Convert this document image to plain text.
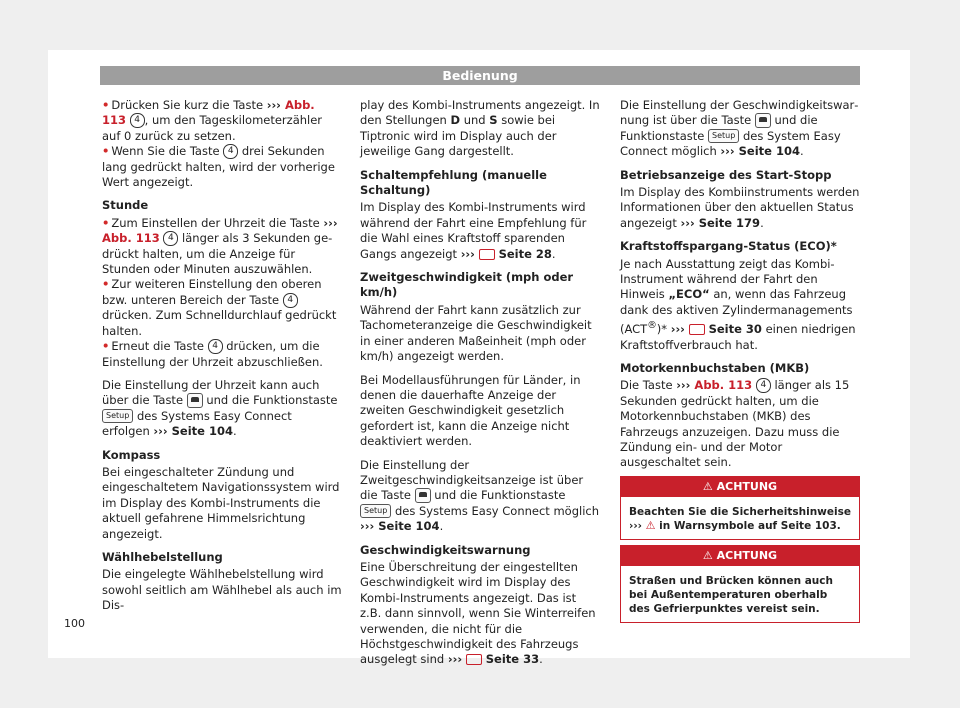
Bedienung

• Drücken Sie kurz die Taste ››› Abb. 113 4 , um den Tageskilometerzähler auf 0 zurück zu setzen.

• Wenn Sie die Taste 4 drei Sekunden lang gedrückt halten, wird der vorherige Wert angezeigt.

Stunde

• Zum Einstellen der Uhrzeit die Taste ››› Abb. 113 4 länger als 3 Sekunden gedrückt halten, um die Anzeige für Stunden oder Minuten auszuwählen.

• Zur weiteren Einstellung den oberen bzw. unteren Bereich der Taste 4 drücken. Zum Schnelldurchlauf gedrückt halten.

• Erneut die Taste 4 drücken, um die Einstellung der Uhrzeit abzuschließen.

Die Einstellung der Uhrzeit kann auch über die Taste  und die Funktionstaste Setup des Systems Easy Connect erfolgen ››› Seite 104.

Kompass

Bei eingeschalteter Zündung und eingeschaltetem Navigationssystem wird im Display des Kombi-Instruments die aktuell gefahrene Himmelsrichtung angezeigt.

Wählhebelstellung

Die eingelegte Wählhebelstellung wird sowohl seitlich am Wählhebel als auch im Dis-

play des Kombi-Instruments angezeigt. In den Stellungen D und S sowie bei Tiptronic wird im Display auch der jeweilige Gang dargestellt.

Schaltempfehlung (manuelle Schaltung)

Im Display des Kombi-Instruments wird während der Fahrt eine Empfehlung für die Wahl eines Kraftstoff sparenden Gangs angezeigt ›››  Seite 28.

Zweitgeschwindigkeit (mph oder km/h)

Während der Fahrt kann zusätzlich zur Tachometeranzeige die Geschwindigkeit in einer anderen Maßeinheit (mph oder km/h) angezeigt werden.

Bei Modellausführungen für Länder, in denen die dauerhafte Anzeige der zweiten Geschwindigkeit gesetzlich gefordert ist, kann die Anzeige nicht deaktiviert werden.

Die Einstellung der Zweitgeschwindigkeitsanzeige ist über die Taste  und die Funktionstaste Setup des Systems Easy Connect möglich ››› Seite 104.

Geschwindigkeitswarnung

Eine Überschreitung der eingestellten Geschwindigkeit wird im Display des Kombi-Instruments angezeigt. Das ist z.B. dann sinnvoll, wenn Sie Winterreifen verwenden, die nicht für die Höchstgeschwindigkeit des Fahrzeugs ausgelegt sind ›››  Seite 33.

Die Einstellung der Geschwindigkeitswarnung ist über die Taste  und die Funktionstaste Setup des System Easy Connect möglich ››› Seite 104.

Betriebsanzeige des Start-Stopp

Im Display des Kombiinstruments werden Informationen über den aktuellen Status angezeigt ››› Seite 179.

Kraftstoffspargang-Status (ECO)*

Je nach Ausstattung zeigt das Kombi-Instrument während der Fahrt den Hinweis „ECO“ an, wenn das Fahrzeug dank des aktiven Zylindermanagements (ACT®)* ›››  Seite 30 einen niedrigen Kraftstoffverbrauch hat.

Motorkennbuchstaben (MKB)

Die Taste ››› Abb. 113 4 länger als 15 Sekunden gedrückt halten, um die Motorkennbuchstaben (MKB) des Fahrzeugs anzuzeigen. Dazu muss die Zündung ein- und der Motor ausgeschaltet sein.

⚠ ACHTUNG
Beachten Sie die Sicherheitshinweise ››› ⚠ in Warnsymbole auf Seite 103.
⚠ ACHTUNG
Straßen und Brücken können auch bei Außentemperaturen oberhalb des Gefrierpunktes vereist sein.
100
